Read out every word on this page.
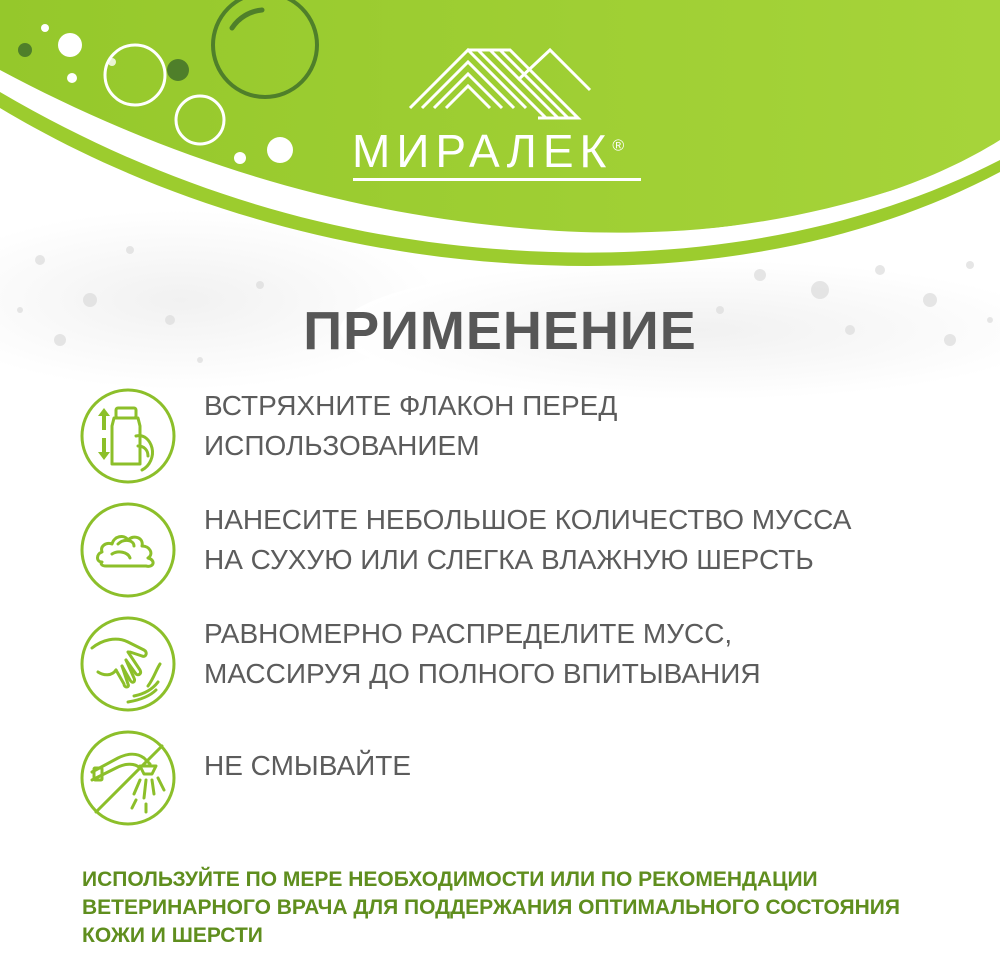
МИРАЛЕК®
ПРИМЕНЕНИЕ
ВСТРЯХНИТЕ ФЛАКОН ПЕРЕД
ИСПОЛЬЗОВАНИЕМ
НАНЕСИТЕ НЕБОЛЬШОЕ КОЛИЧЕСТВО МУССА
НА СУХУЮ ИЛИ СЛЕГКА ВЛАЖНУЮ ШЕРСТЬ
РАВНОМЕРНО РАСПРЕДЕЛИТЕ МУСС,
МАССИРУЯ ДО ПОЛНОГО ВПИТЫВАНИЯ
НЕ СМЫВАЙТЕ
ИСПОЛЬЗУЙТЕ ПО МЕРЕ НЕОБХОДИМОСТИ ИЛИ ПО РЕКОМЕНДАЦИИ
ВЕТЕРИНАРНОГО ВРАЧА ДЛЯ ПОДДЕРЖАНИЯ ОПТИМАЛЬНОГО СОСТОЯНИЯ
КОЖИ И ШЕРСТИ
